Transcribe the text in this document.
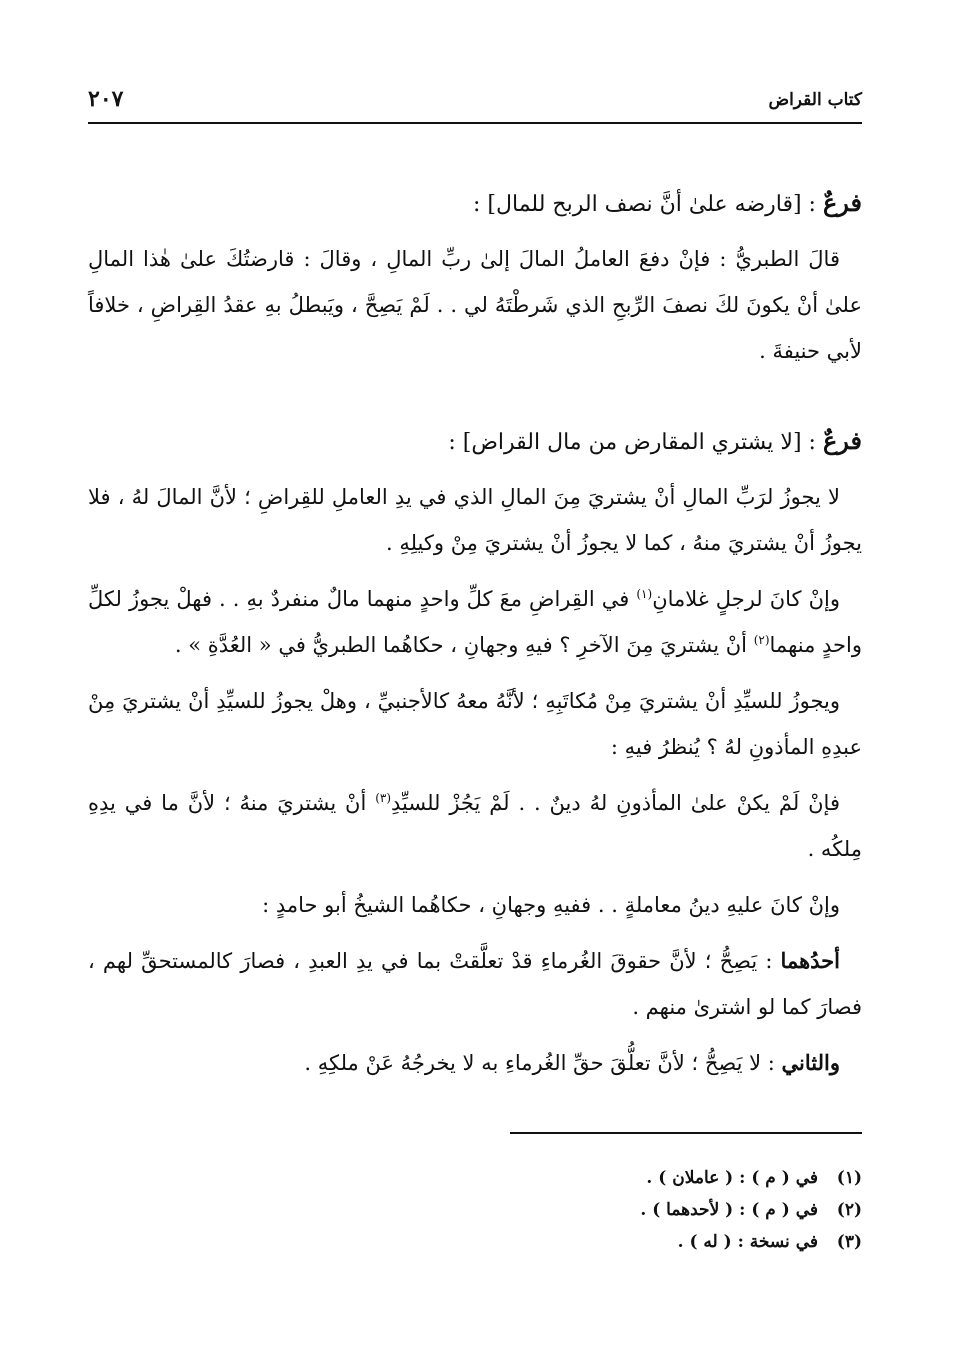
كتاب القراض
٢٠٧

فرعٌ : [قارضه علىٰ أنَّ نصف الربح للمال] :

قالَ الطبريُّ : فإنْ دفعَ العاملُ المالَ إلىٰ ربِّ المالِ ، وقالَ : قارضتُكَ علىٰ هٰذا المالِ علىٰ أنْ يكونَ لكَ نصفَ الرِّبحِ الذي شَرطْتَهُ لي . . لَمْ يَصِحَّ ، ويَبطلُ بهِ عقدُ القِراضِ ، خلافاً لأبي حنيفةَ .

فرعٌ : [لا يشتري المقارض من مال القراض] :

لا يجوزُ لرَبِّ المالِ أنْ يشتريَ مِنَ المالِ الذي في يدِ العاملِ للقِراضِ ؛ لأنَّ المالَ لهُ ، فلا يجوزُ أنْ يشتريَ منهُ ، كما لا يجوزُ أنْ يشتريَ مِنْ وكيلِهِ .

وإنْ كانَ لرجلٍ غلامانِ$^{(١)}$ في القِراضِ معَ كلِّ واحدٍ منهما مالٌ منفردٌ بهِ . . فهلْ يجوزُ لكلِّ واحدٍ منهما$^{(٢)}$ أنْ يشتريَ مِنَ الآخرِ ؟ فيهِ وجهانِ ، حكاهُما الطبريُّ في « العُدَّةِ » .

ويجوزُ للسيِّدِ أنْ يشتريَ مِنْ مُكاتَبِهِ ؛ لأنَّهُ معهُ كالأجنبيِّ ، وهلْ يجوزُ للسيِّدِ أنْ يشتريَ مِنْ عبدِهِ المأذونِ لهُ ؟ يُنظرُ فيهِ :

فإنْ لَمْ يكنْ علىٰ المأذونِ لهُ دينٌ . . لَمْ يَجُزْ للسيِّدِ$^{(٣)}$ أنْ يشتريَ منهُ ؛ لأنَّ ما في يدِهِ مِلكُه .

وإنْ كانَ عليهِ دينُ معاملةٍ . . ففيهِ وجهانِ ، حكاهُما الشيخُ أبو حامدٍ :

أحدُهما : يَصِحُّ ؛ لأنَّ حقوقَ الغُرماءِ قدْ تعلَّقتْ بما في يدِ العبدِ ، فصارَ كالمستحقِّ لهم ، فصارَ كما لو اشترىٰ منهم .

والثاني : لا يَصِحُّ ؛ لأنَّ تعلُّقَ حقِّ الغُرماءِ به لا يخرجُهُ عَنْ ملكِهِ .

(١)في ( م ) : ( عاملان ) .

(٢)في ( م ) : ( لأحدهما ) .

(٣)في نسخة : ( له ) .
